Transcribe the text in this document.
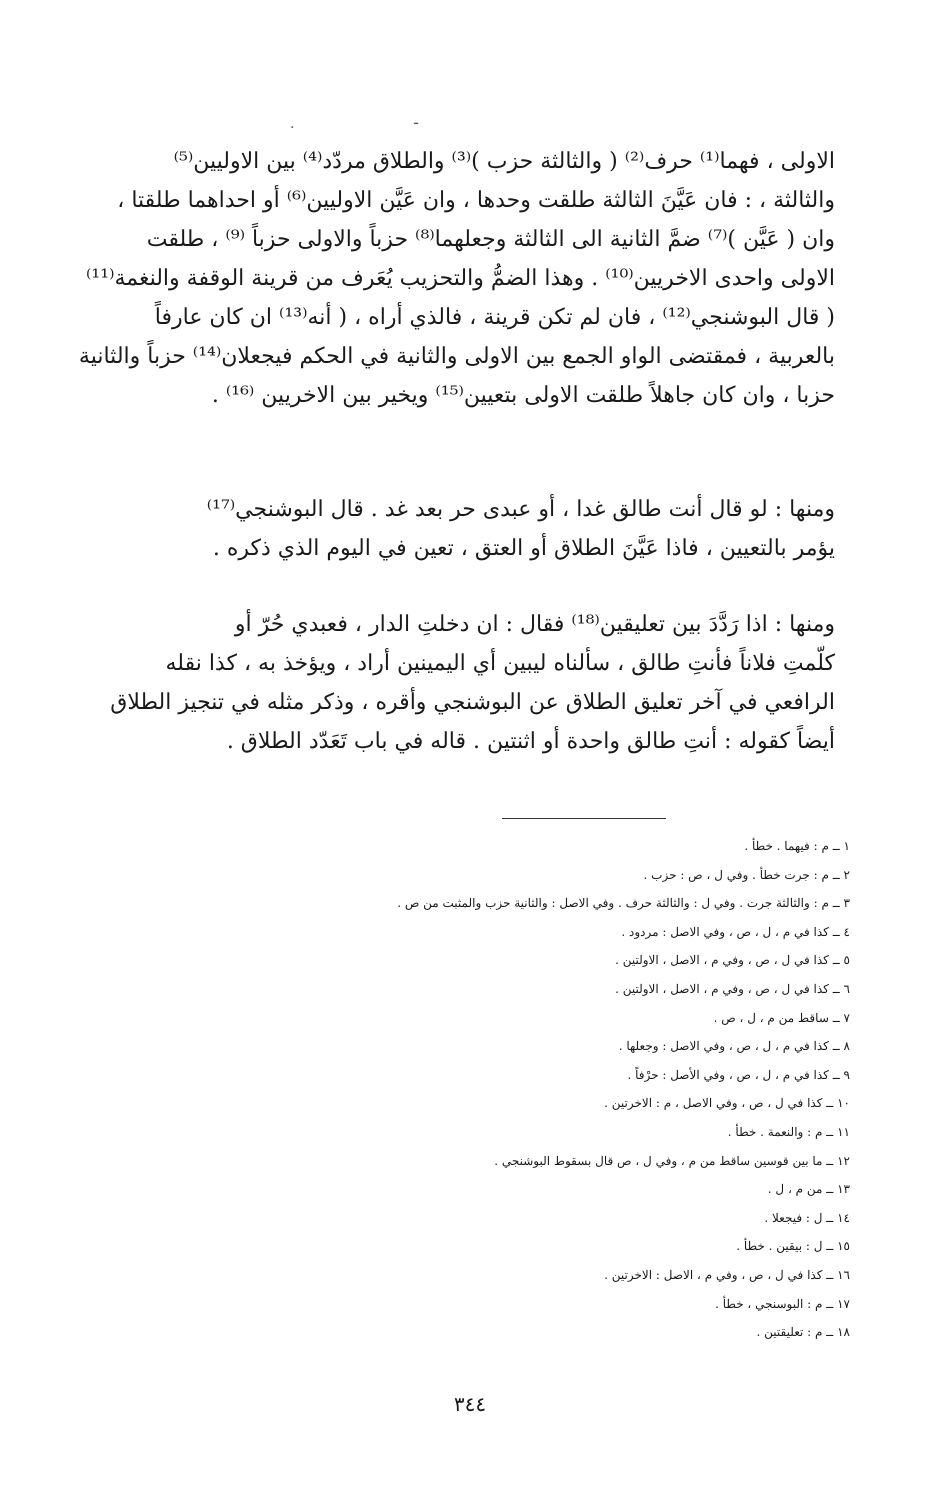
ـ
·

الاولى ، فهما⁽¹⁾ حرف⁽²⁾ ( والثالثة حزب )⁽³⁾ والطلاق مردّد⁽⁴⁾ بين الاوليين⁽⁵⁾

والثالثة ، : فان عَيَّنَ الثالثة طلقت وحدها ، وان عَيَّن الاوليين⁽⁶⁾ أو احداهما طلقتا ،

وان ( عَيَّن )⁽⁷⁾ ضمَّ الثانية الى الثالثة وجعلهما⁽⁸⁾ حزباً والاولى حزباً ⁽⁹⁾ ، طلقت

الاولى واحدى الاخريين⁽¹⁰⁾ . وهذا الضمُّ والتحزيب يُعَرف من قرينة الوقفة والنغمة⁽¹¹⁾

( قال البوشنجي⁽¹²⁾ ، فان لم تكن قرينة ، فالذي أراه ، ( أنه⁽¹³⁾ ان كان عارفاً

بالعربية ، فمقتضى الواو الجمع بين الاولى والثانية في الحكم فيجعلان⁽¹⁴⁾ حزباً والثانية

حزبا ، وان كان جاهلاً طلقت الاولى بتعيين⁽¹⁵⁾ ويخير بين الاخريين ⁽¹⁶⁾ .

ومنها : لو قال أنت طالق غدا ، أو عبدى حر بعد غد . قال البوشنجي⁽¹⁷⁾

يؤمر بالتعيين ، فاذا عَيَّنَ الطلاق أو العتق ، تعين في اليوم الذي ذكره .

ومنها : اذا رَدَّدَ بين تعليقين⁽¹⁸⁾ فقال : ان دخلتِ الدار ، فعبدي حُرّ أو

كلّمتِ فلاناً فأنتِ طالق ، سألناه ليبين أي اليمينين أراد ، ويؤخذ به ، كذا نقله

الرافعي في آخر تعليق الطلاق عن البوشنجي وأقره ، وذكر مثله في تنجيز الطلاق

أيضاً كقوله : أنتِ طالق واحدة أو اثنتين . قاله في باب تَعَدّد الطلاق .

١ ــ م : فيهما . خطأ .
٢ ــ م : جرت خطأ . وفي ل ، ص : حزب .
٣ ــ م : والثالثة جرت . وفي ل : والثالثة حرف . وفي الاصل : والثانية حزب والمثبت من ص .
٤ ــ كذا في م ، ل ، ص ، وفي الاصل : مردود .
٥ ــ كذا في ل ، ص ، وفي م ، الاصل ، الاولتين .
٦ ــ كذا في ل ، ص ، وفي م ، الاصل ، الاولتين .
٧ ــ ساقط من م ، ل ، ص .
٨ ــ كذا في م ، ل ، ص ، وفي الاصل : وجعلها .
٩ ــ كذا في م ، ل ، ص ، وفي الأصل : حرْفاً .
١٠ ــ كذا في ل ، ص ، وفي الاصل ، م : الاخرتين .
١١ ــ م : والنعمة . خطأ .
١٢ ــ ما بين قوسين ساقط من م ، وفي ل ، ص قال بسقوط البوشنجي .
١٣ ــ من م ، ل .
١٤ ــ ل : فيجعلا .
١٥ ــ ل : بيقين . خطأ .
١٦ ــ كذا في ل ، ص ، وفي م ، الاصل : الاخرتين .
١٧ ــ م : البوسنجي ، خطأ .
١٨ ــ م : تعليقتين .
٣٤٤
